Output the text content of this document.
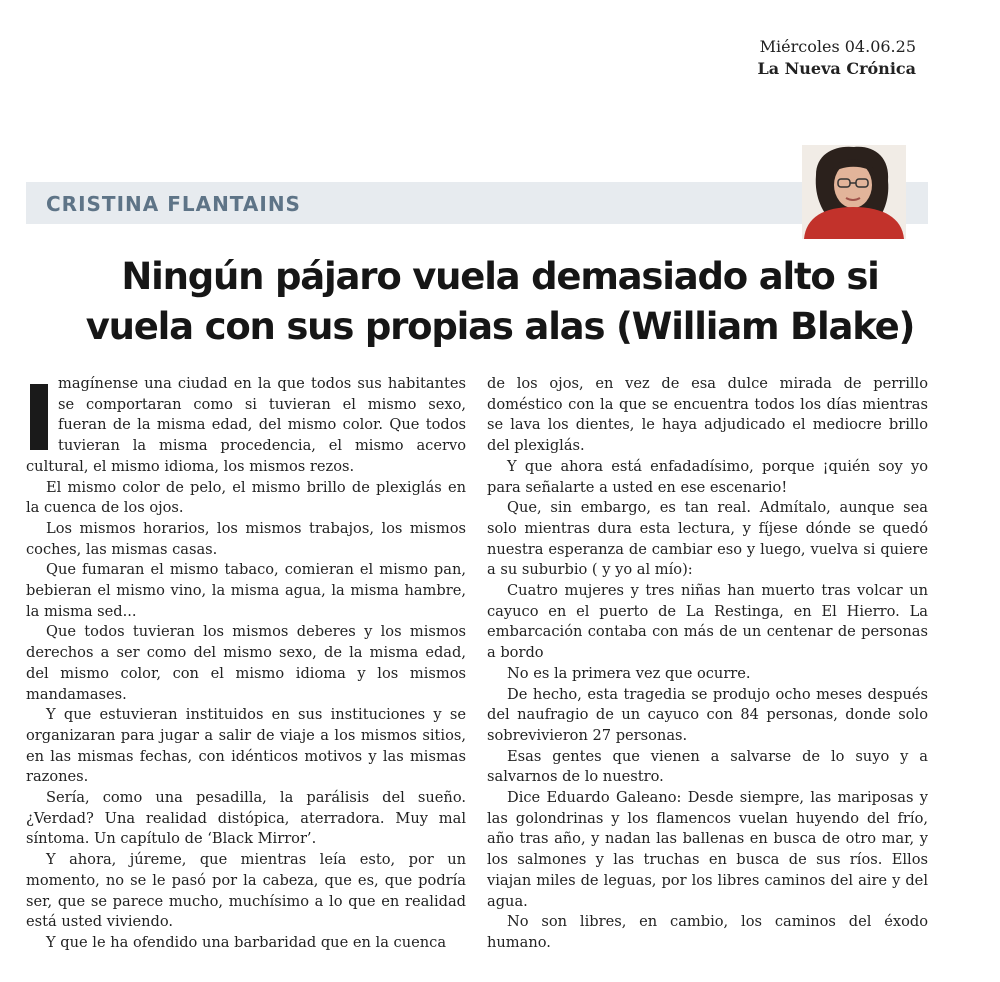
Miércoles 04.06.25
La Nueva Crónica
CRISTINA FLANTAINS
Ningún pájaro vuela demasiado alto si
vuela con sus propias alas (William Blake)

magínense una ciudad en la que todos sus habitantes se comportaran como si tuvieran el mismo sexo, fueran de la misma edad, del mismo color. Que todos tuvieran la misma procedencia, el mismo acervo cultural, el mismo idioma, los mismos rezos.

El mismo color de pelo, el mismo brillo de plexiglás en la cuenca de los ojos.

Los mismos horarios, los mismos trabajos, los mismos coches, las mismas casas.

Que fumaran el mismo tabaco, comieran el mismo pan, bebieran el mismo vino, la misma agua, la misma hambre, la misma sed...

Que todos tuvieran los mismos deberes y los mismos derechos a ser como del mismo sexo, de la misma edad, del mismo color, con el mismo idioma y los mismos mandamases.

Y que estuvieran instituidos en sus instituciones y se organizaran para jugar a salir de viaje a los mismos sitios, en las mismas fechas, con idénticos motivos y las mismas razones.

Sería, como una pesadilla, la parálisis del sueño. ¿Verdad? Una realidad distópica, aterradora. Muy mal síntoma. Un capítulo de ‘Black Mirror’.

Y ahora, júreme, que mientras leía esto, por un momento, no se le pasó por la cabeza, que es, que podría ser, que se parece mucho, muchísimo a lo que en realidad está usted viviendo.

Y que le ha ofendido una barbaridad que en la cuenca

de los ojos, en vez de esa dulce mirada de perrillo doméstico con la que se encuentra todos los días mientras se lava los dientes, le haya adjudicado el mediocre brillo del plexiglás.

Y que ahora está enfadadísimo, porque ¡quién soy yo para señalarte a usted en ese escenario!

Que, sin embargo, es tan real. Admítalo, aunque sea solo mientras dura esta lectura, y fíjese dónde se quedó nuestra esperanza de cambiar eso y luego, vuelva si quiere a su suburbio ( y yo al mío):

Cuatro mujeres y tres niñas han muerto tras volcar un cayuco en el puerto de La Restinga, en El Hierro. La embarcación contaba con más de un centenar de personas a bordo

No es la primera vez que ocurre.

De hecho, esta tragedia se produjo ocho meses después del naufragio de un cayuco con 84 personas, donde solo sobrevivieron 27 personas.

Esas gentes que vienen a salvarse de lo suyo y a salvarnos de lo nuestro.

Dice Eduardo Galeano: Desde siempre, las mariposas y las golondrinas y los flamencos vuelan huyendo del frío, año tras año, y nadan las ballenas en busca de otro mar, y los salmones y las truchas en busca de sus ríos. Ellos viajan miles de leguas, por los libres caminos del aire y del agua.

No son libres, en cambio, los caminos del éxodo humano.
